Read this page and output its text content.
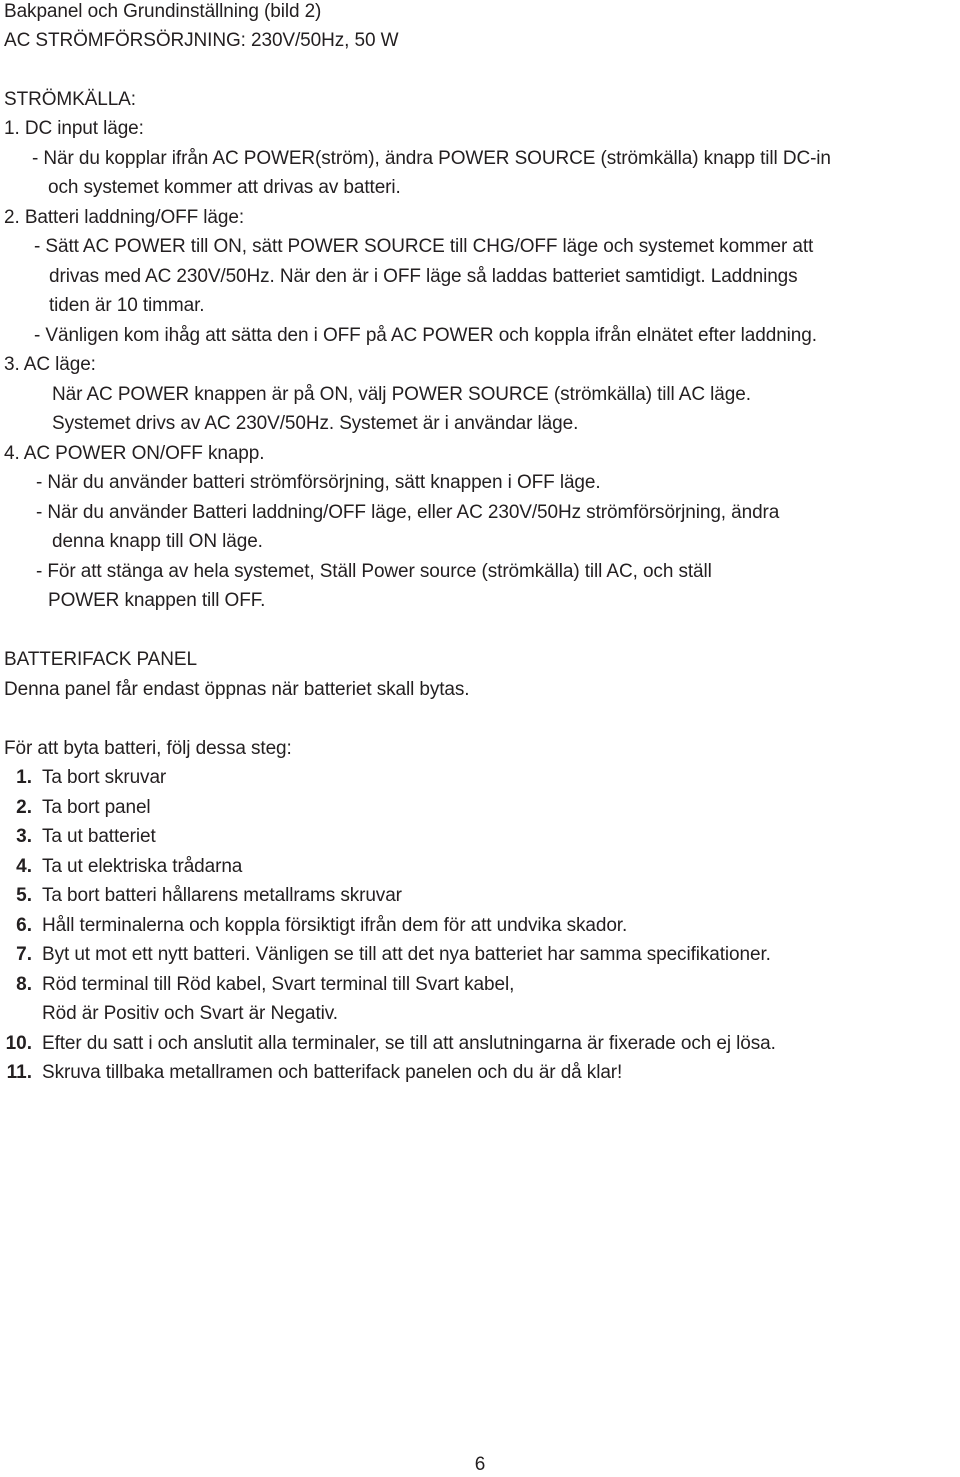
Bakpanel och Grundinställning (bild 2)
AC STRÖMFÖRSÖRJNING: 230V/50Hz, 50 W
STRÖMKÄLLA:
1. DC input läge:
- När du kopplar ifrån AC POWER(ström), ändra POWER SOURCE (strömkälla) knapp till DC-in
och systemet kommer att drivas av batteri.
2. Batteri laddning/OFF läge:
- Sätt AC POWER till ON, sätt POWER SOURCE till CHG/OFF läge och systemet kommer att
drivas med AC 230V/50Hz. När den är i OFF läge så laddas batteriet samtidigt. Laddnings
tiden är 10 timmar.
- Vänligen kom ihåg att sätta den i OFF på AC POWER och koppla ifrån elnätet efter laddning.
3. AC läge:
När AC POWER knappen är på ON, välj POWER SOURCE (strömkälla) till AC läge.
Systemet drivs av AC 230V/50Hz. Systemet är i användar läge.
4. AC POWER ON/OFF knapp.
- När du använder batteri strömförsörjning, sätt knappen i OFF läge.
- När du använder Batteri laddning/OFF läge, eller AC 230V/50Hz strömförsörjning, ändra
denna knapp till ON läge.
- För att stänga av hela systemet, Ställ Power source (strömkälla) till AC, och ställ
POWER knappen till OFF.
BATTERIFACK PANEL
Denna panel får endast öppnas när batteriet skall bytas.
För att byta batteri, följ dessa steg:
1. Ta bort skruvar
2. Ta bort panel
3. Ta ut batteriet
4. Ta ut elektriska trådarna
5. Ta bort batteri hållarens metallrams skruvar
6. Håll terminalerna och koppla försiktigt ifrån dem för att undvika skador.
7. Byt ut mot ett nytt batteri. Vänligen se till att det nya batteriet har samma specifikationer.
8. Röd terminal till Röd kabel, Svart terminal till Svart kabel,
Röd är Positiv och Svart är Negativ.
10. Efter du satt i och anslutit alla terminaler, se till att anslutningarna är fixerade och ej lösa.
11. Skruva tillbaka metallramen och batterifack panelen och du är då klar!
6
